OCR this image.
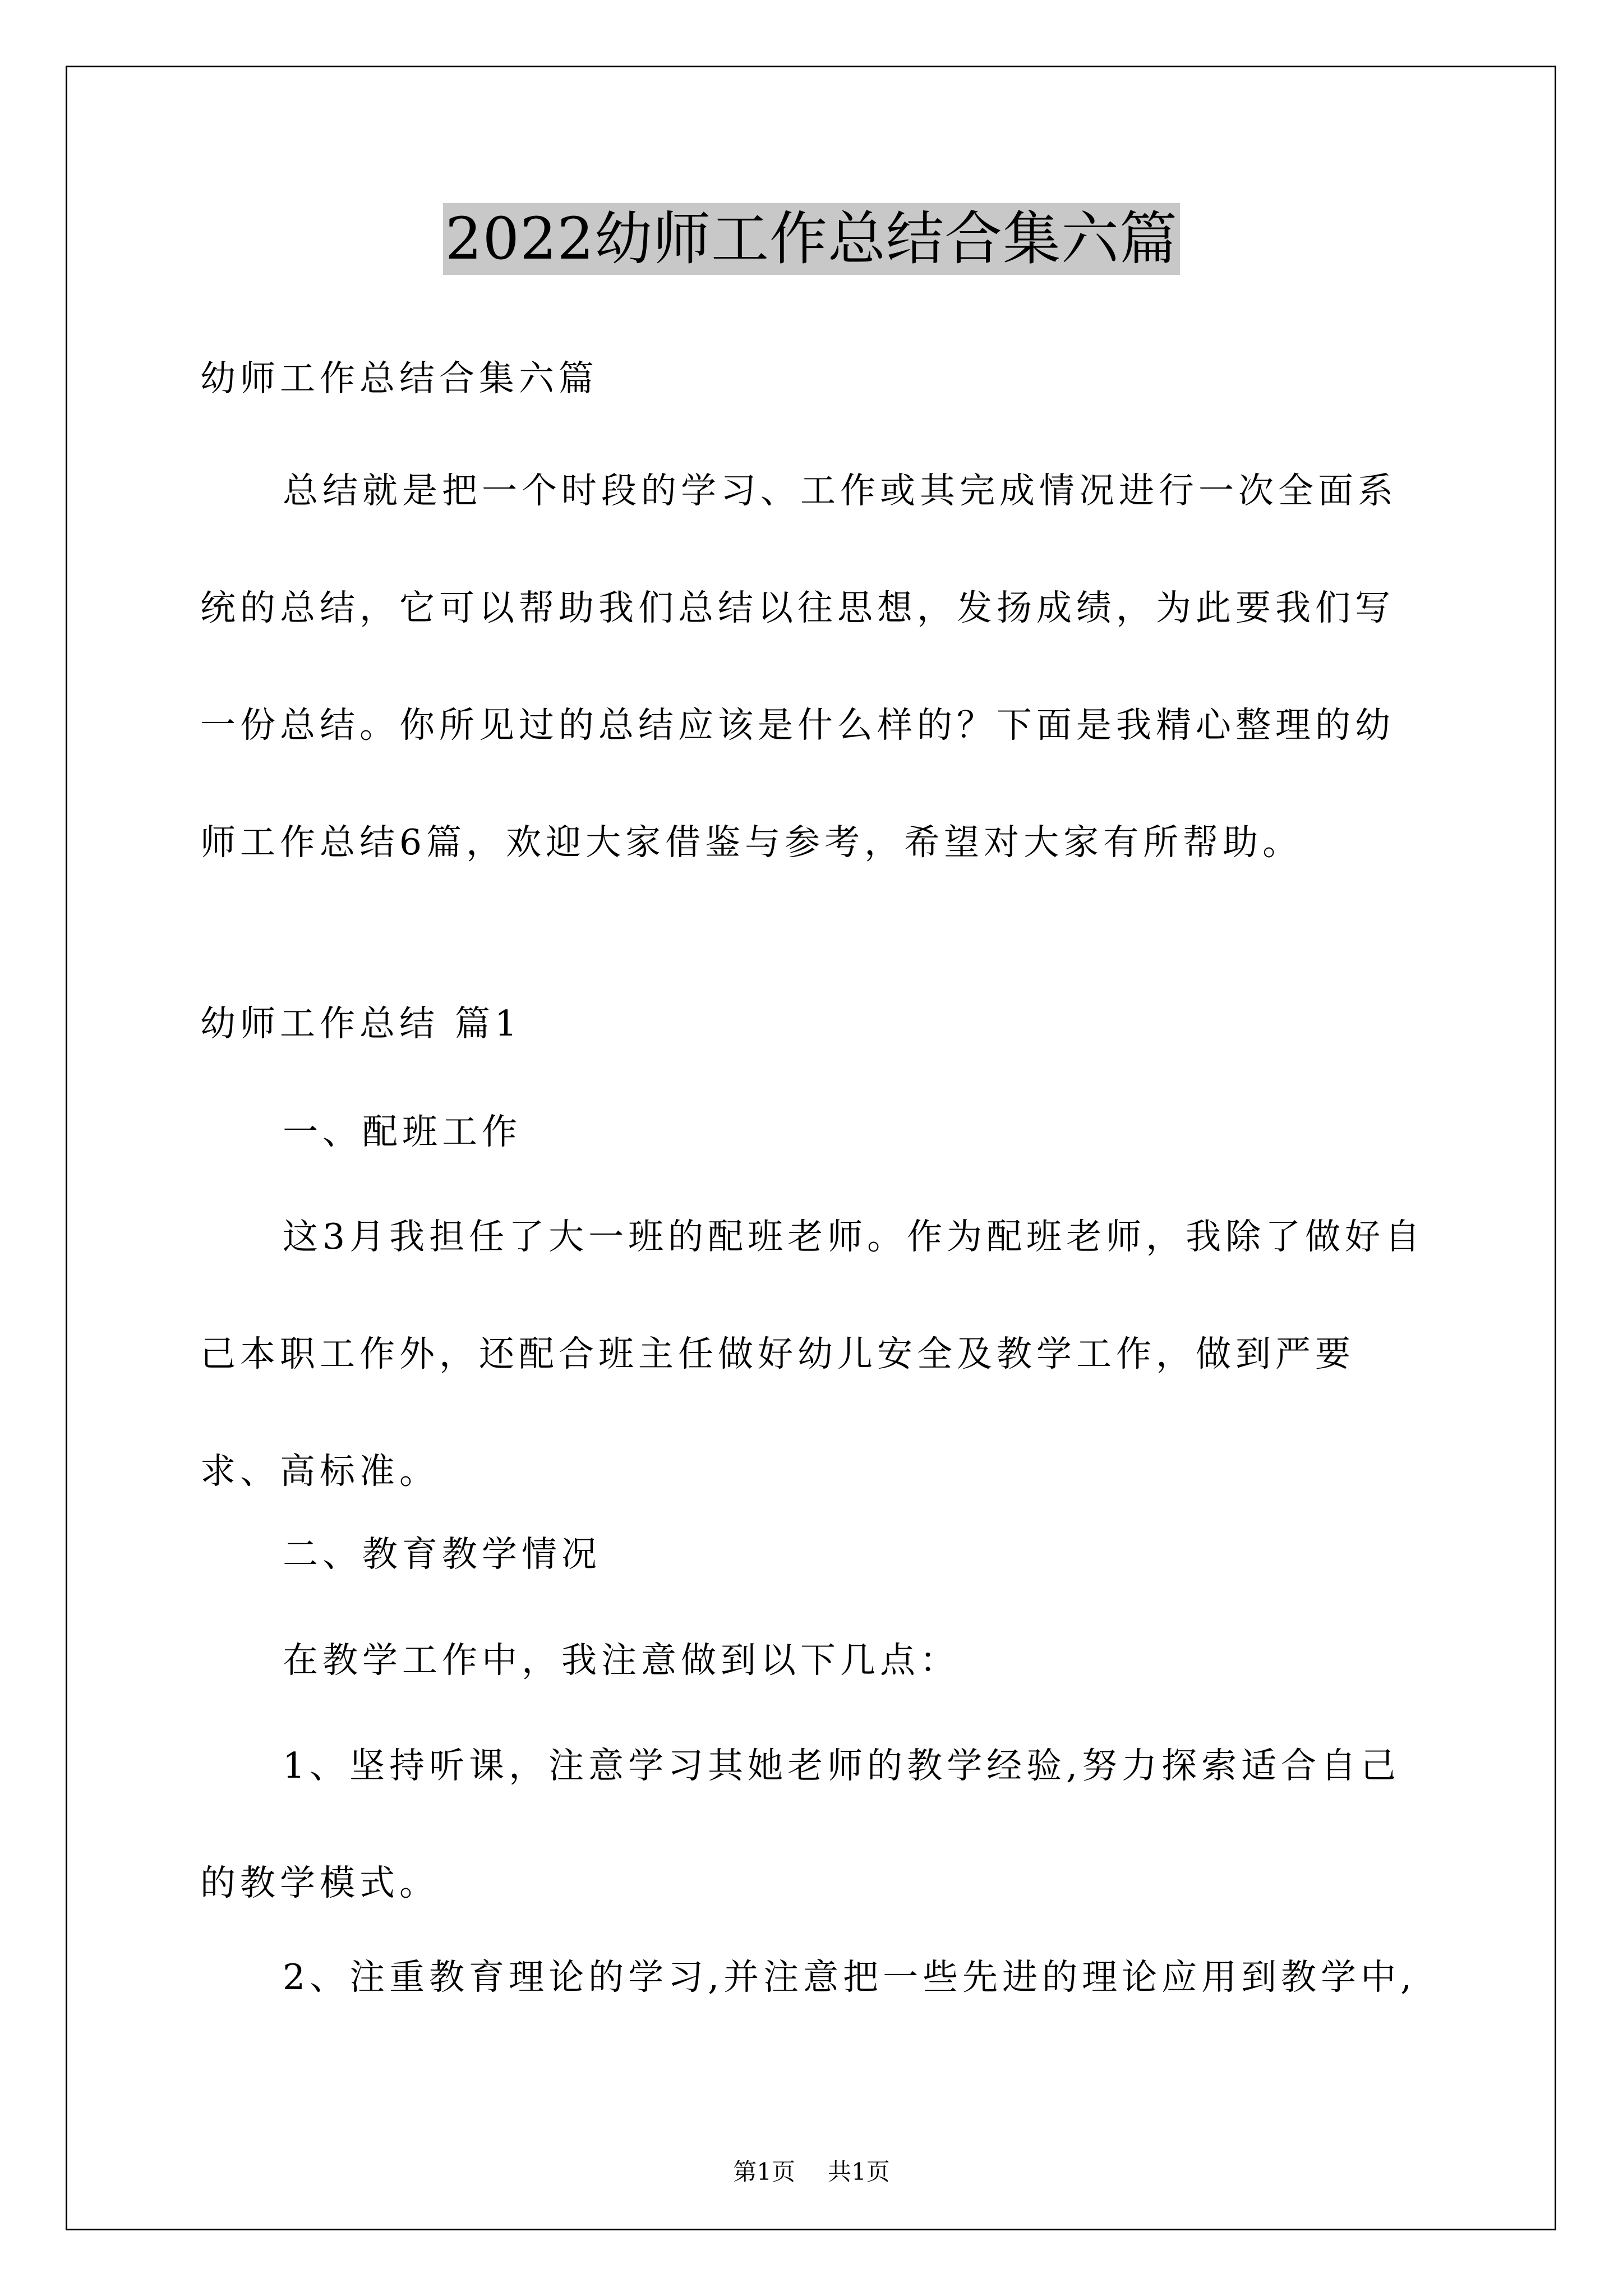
2022幼师工作总结合集六篇

幼师工作总结合集六篇

总结就是把一个时段的学习、工作或其完成情况进行一次全面系统的总结，它可以帮助我们总结以往思想，发扬成绩，为此要我们写一份总结。你所见过的总结应该是什么样的？下面是我精心整理的幼师工作总结6篇，欢迎大家借鉴与参考，希望对大家有所帮助。

幼师工作总结 篇1

一、配班工作

这3月我担任了大一班的配班老师。作为配班老师，我除了做好自己本职工作外，还配合班主任做好幼儿安全及教学工作，做到严要求、高标准。

二、教育教学情况

在教学工作中，我注意做到以下几点：

1、坚持听课，注意学习其她老师的教学经验,努力探索适合自己的教学模式。

2、注重教育理论的学习,并注意把一些先进的理论应用到教学中,

第1页 共1页
